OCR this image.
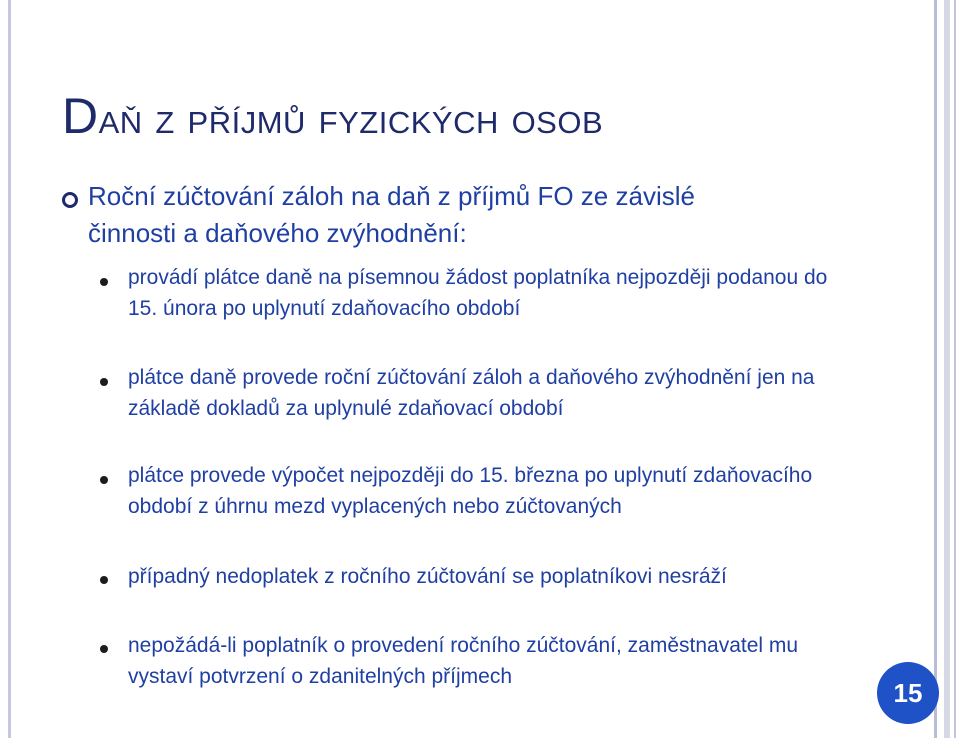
Daň z příjmů fyzických osob
Roční zúčtování záloh na daň z příjmů FO ze závislé činnosti a daňového zvýhodnění:
provádí plátce daně na písemnou žádost poplatníka nejpozději podanou do 15. února po uplynutí zdaňovacího období
plátce daně provede roční zúčtování záloh a daňového zvýhodnění jen na základě dokladů za uplynulé zdaňovací období
plátce provede výpočet nejpozději do 15. března po uplynutí zdaňovacího období z úhrnu mezd vyplacených nebo zúčtovaných
případný nedoplatek z ročního zúčtování se poplatníkovi nesráží
nepožádá-li poplatník o provedení ročního zúčtování, zaměstnavatel mu vystaví potvrzení o zdanitelných příjmech
15
